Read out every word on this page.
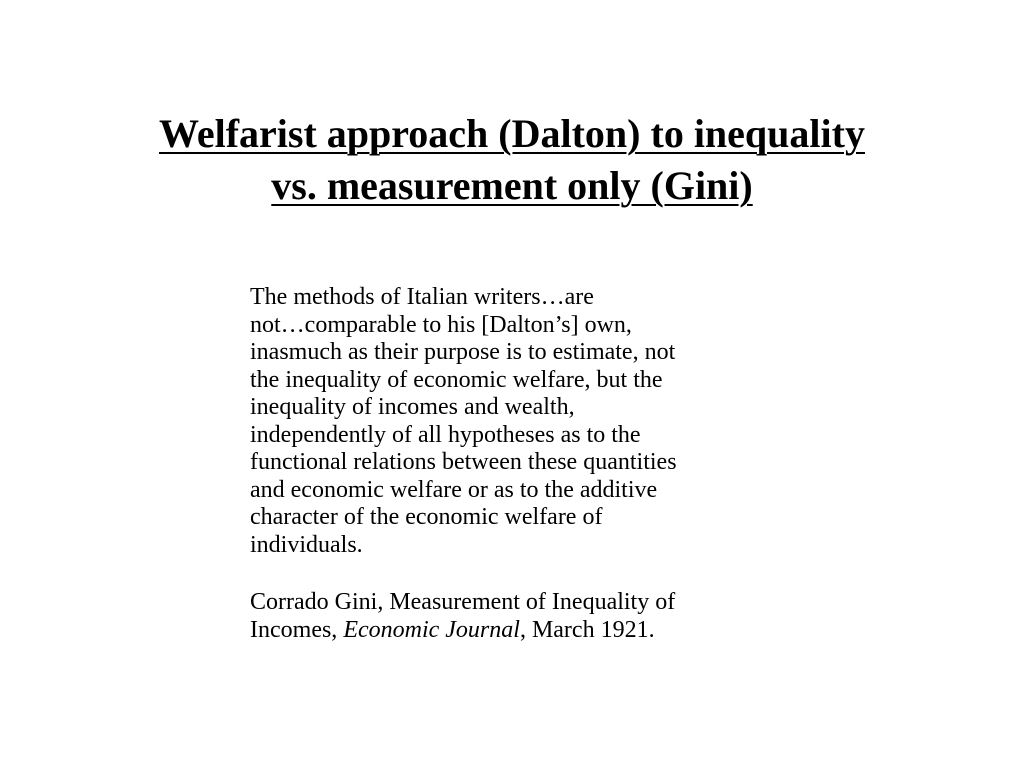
Welfarist approach (Dalton) to inequality
vs. measurement only (Gini)

The methods of Italian writers…are
not…comparable to his [Dalton’s] own,
inasmuch as their purpose is to estimate, not
the inequality of economic welfare, but the
inequality of incomes and wealth,
independently of all hypotheses as to the
functional relations between these quantities
and economic welfare or as to the additive
character of the economic welfare of
individuals.

Corrado Gini, Measurement of Inequality of
Incomes, Economic Journal, March 1921.
